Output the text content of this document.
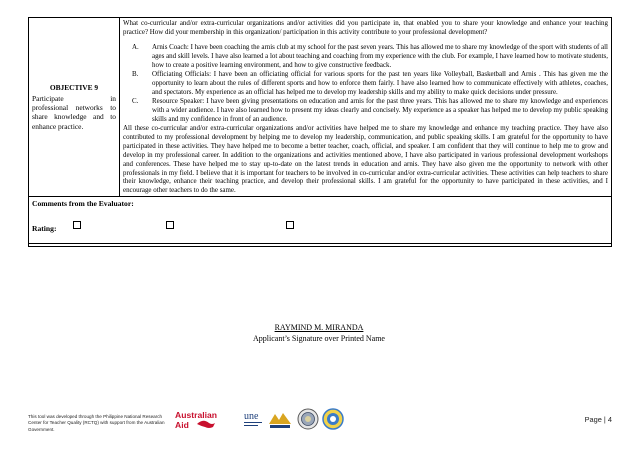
OBJECTIVE 9
Participate in
professional networks to
share knowledge and to
enhance practice.

What co-curricular and/or extra-curricular organizations and/or activities did you participate in, that enabled you to share your knowledge and enhance your teaching practice? How did your membership in this organization/ participation in this activity contribute to your professional development?

A.	Arnis Coach: I have been coaching the arnis club at my school for the past seven years. This has allowed me to share my knowledge of the sport with students of all ages and skill levels. I have also learned a lot about teaching and coaching from my experience with the club. For example, I have learned how to motivate students, how to create a positive learning environment, and how to give constructive feedback.
B.	Officiating Officials: I have been an officiating official for various sports for the past ten years like Volleyball, Basketball and Arnis . This has given me the opportunity to learn about the rules of different sports and how to enforce them fairly. I have also learned how to communicate effectively with athletes, coaches, and spectators. My experience as an official has helped me to develop my leadership skills and my ability to make quick decisions under pressure.
C.	Resource Speaker: I have been giving presentations on education and arnis for the past three years. This has allowed me to share my knowledge and experiences with a wider audience. I have also learned how to present my ideas clearly and concisely. My experience as a speaker has helped me to develop my public speaking skills and my confidence in front of an audience.

All these co-curricular and/or extra-curricular organizations and/or activities have helped me to share my knowledge and enhance my teaching practice. They have also contributed to my professional development by helping me to develop my leadership, communication, and public speaking skills. I am grateful for the opportunity to have participated in these activities. They have helped me to become a better teacher, coach, official, and speaker. I am confident that they will continue to help me to grow and develop in my professional career. In addition to the organizations and activities mentioned above, I have also participated in various professional development workshops and conferences. These have helped me to stay up-to-date on the latest trends in education and arnis. They have also given me the opportunity to network with other professionals in my field. I believe that it is important for teachers to be involved in co-curricular and/or extra-curricular activities. These activities can help teachers to share their knowledge, enhance their teaching practice, and develop their professional skills. I am grateful for the opportunity to have participated in these activities, and I encourage other teachers to do the same.

Comments from the Evaluator:
Rating:
RAYMIND M. MIRANDA
Applicant’s Signature over Printed Name
This tool was developed through the Philippine National Research Center for Teacher Quality (RCTQ) with support from the Australian Government.
Australian
Aid
une	Page | 4
